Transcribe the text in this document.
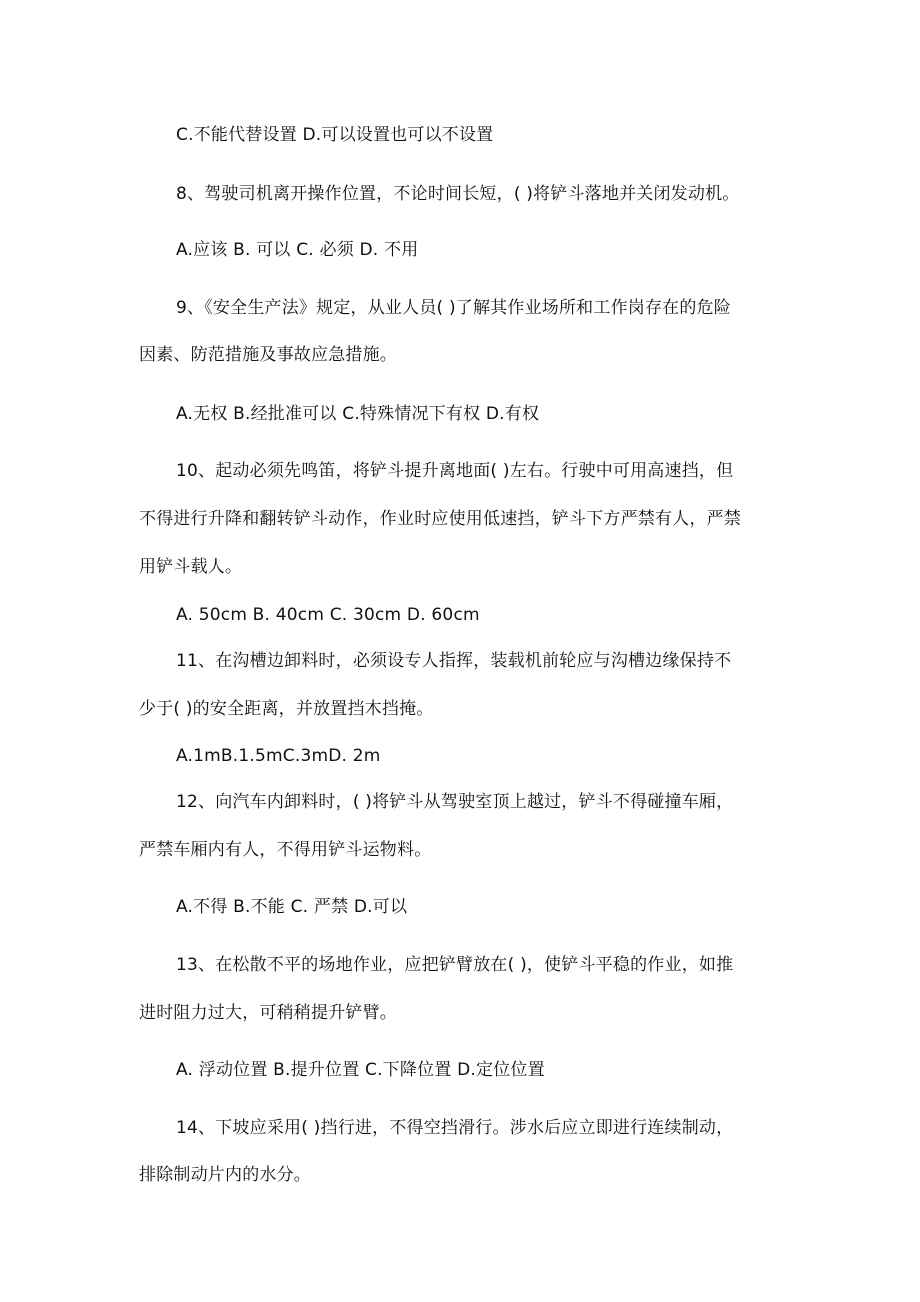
C.不能代替设置 D.可以设置也可以不设置
8、驾驶司机离开操作位置，不论时间长短，( )将铲斗落地并关闭发动机。
A.应该 B. 可以 C. 必须 D. 不用
9、《安全生产法》规定，从业人员( )了解其作业场所和工作岗存在的危险
因素、防范措施及事故应急措施。
A.无权 B.经批准可以 C.特殊情况下有权 D.有权
10、起动必须先鸣笛，将铲斗提升离地面( )左右。行驶中可用高速挡，但
不得进行升降和翻转铲斗动作，作业时应使用低速挡，铲斗下方严禁有人，严禁
用铲斗载人。
A. 50cm B. 40cm C. 30cm D. 60cm
11、在沟槽边卸料时，必须设专人指挥，装载机前轮应与沟槽边缘保持不
少于( )的安全距离，并放置挡木挡掩。
A.1mB.1.5mC.3mD. 2m
12、向汽车内卸料时，( )将铲斗从驾驶室顶上越过，铲斗不得碰撞车厢，
严禁车厢内有人，不得用铲斗运物料。
A.不得 B.不能 C. 严禁 D.可以
13、在松散不平的场地作业，应把铲臂放在( )，使铲斗平稳的作业，如推
进时阻力过大，可稍稍提升铲臂。
A. 浮动位置 B.提升位置 C.下降位置 D.定位位置
14、下坡应采用( )挡行进，不得空挡滑行。涉水后应立即进行连续制动，
排除制动片内的水分。
